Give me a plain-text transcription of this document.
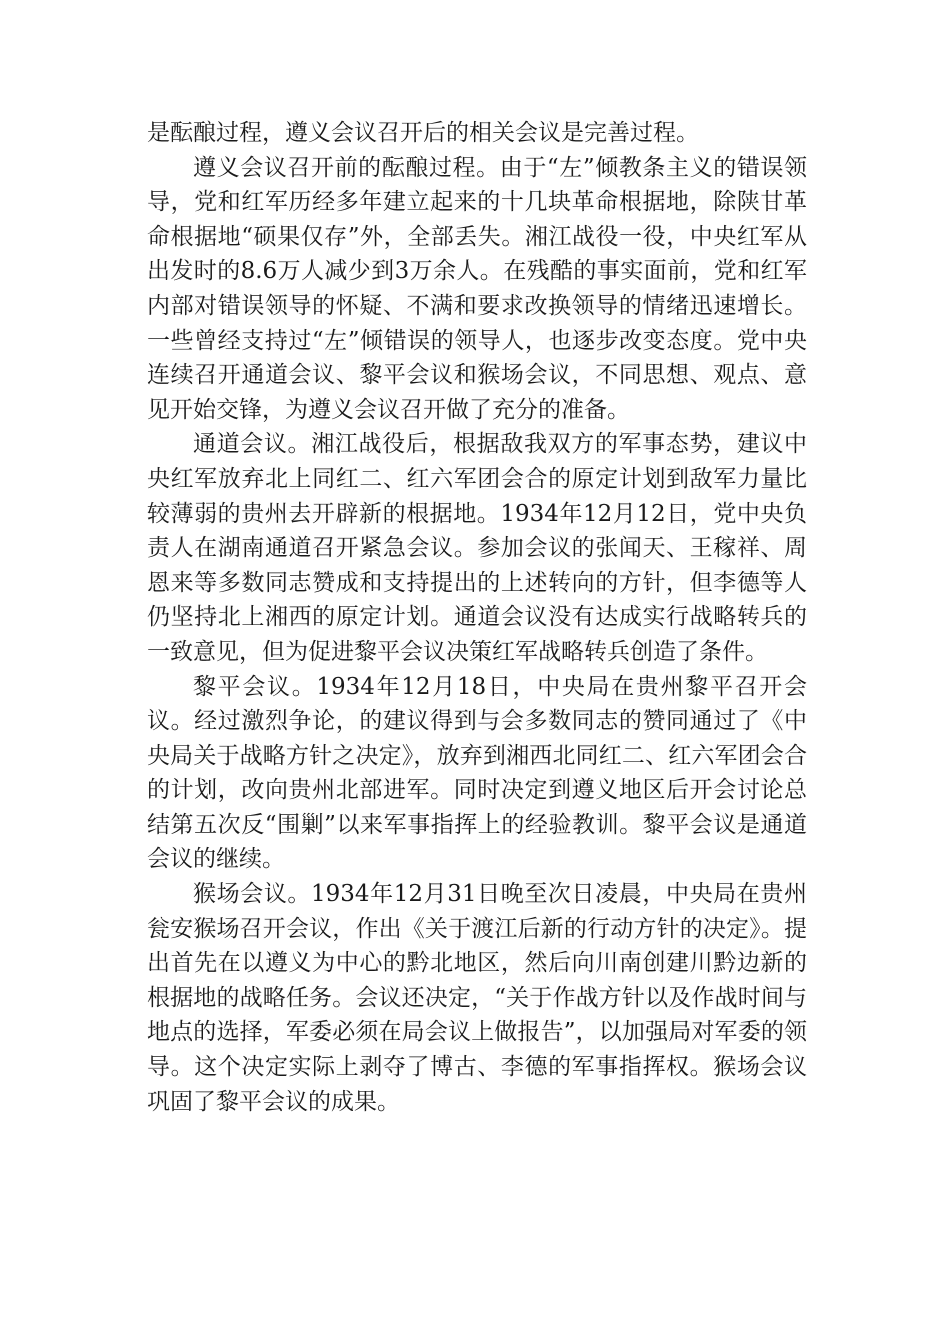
是酝酿过程，遵义会议召开后的相关会议是完善过程。

遵义会议召开前的酝酿过程。由于“左”倾教条主义的错误领导，党和红军历经多年建立起来的十几块革命根据地，除陕甘革命根据地“硕果仅存”外，全部丢失。湘江战役一役，中央红军从出发时的8.6万人减少到3万余人。在残酷的事实面前，党和红军内部对错误领导的怀疑、不满和要求改换领导的情绪迅速增长。一些曾经支持过“左”倾错误的领导人，也逐步改变态度。党中央连续召开通道会议、黎平会议和猴场会议，不同思想、观点、意见开始交锋，为遵义会议召开做了充分的准备。

通道会议。湘江战役后，根据敌我双方的军事态势，建议中央红军放弃北上同红二、红六军团会合的原定计划到敌军力量比较薄弱的贵州去开辟新的根据地。1934年12月12日，党中央负责人在湖南通道召开紧急会议。参加会议的张闻天、王稼祥、周恩来等多数同志赞成和支持提出的上述转向的方针，但李德等人仍坚持北上湘西的原定计划。通道会议没有达成实行战略转兵的一致意见，但为促进黎平会议决策红军战略转兵创造了条件。

黎平会议。1934年12月18日，中央局在贵州黎平召开会议。经过激烈争论，的建议得到与会多数同志的赞同通过了《中央局关于战略方针之决定》，放弃到湘西北同红二、红六军团会合的计划，改向贵州北部进军。同时决定到遵义地区后开会讨论总结第五次反“围剿”以来军事指挥上的经验教训。黎平会议是通道会议的继续。

猴场会议。1934年12月31日晚至次日凌晨，中央局在贵州瓮安猴场召开会议，作出《关于渡江后新的行动方针的决定》。提出首先在以遵义为中心的黔北地区，然后向川南创建川黔边新的根据地的战略任务。会议还决定，“关于作战方针以及作战时间与地点的选择，军委必须在局会议上做报告”，以加强局对军委的领导。这个决定实际上剥夺了博古、李德的军事指挥权。猴场会议巩固了黎平会议的成果。
